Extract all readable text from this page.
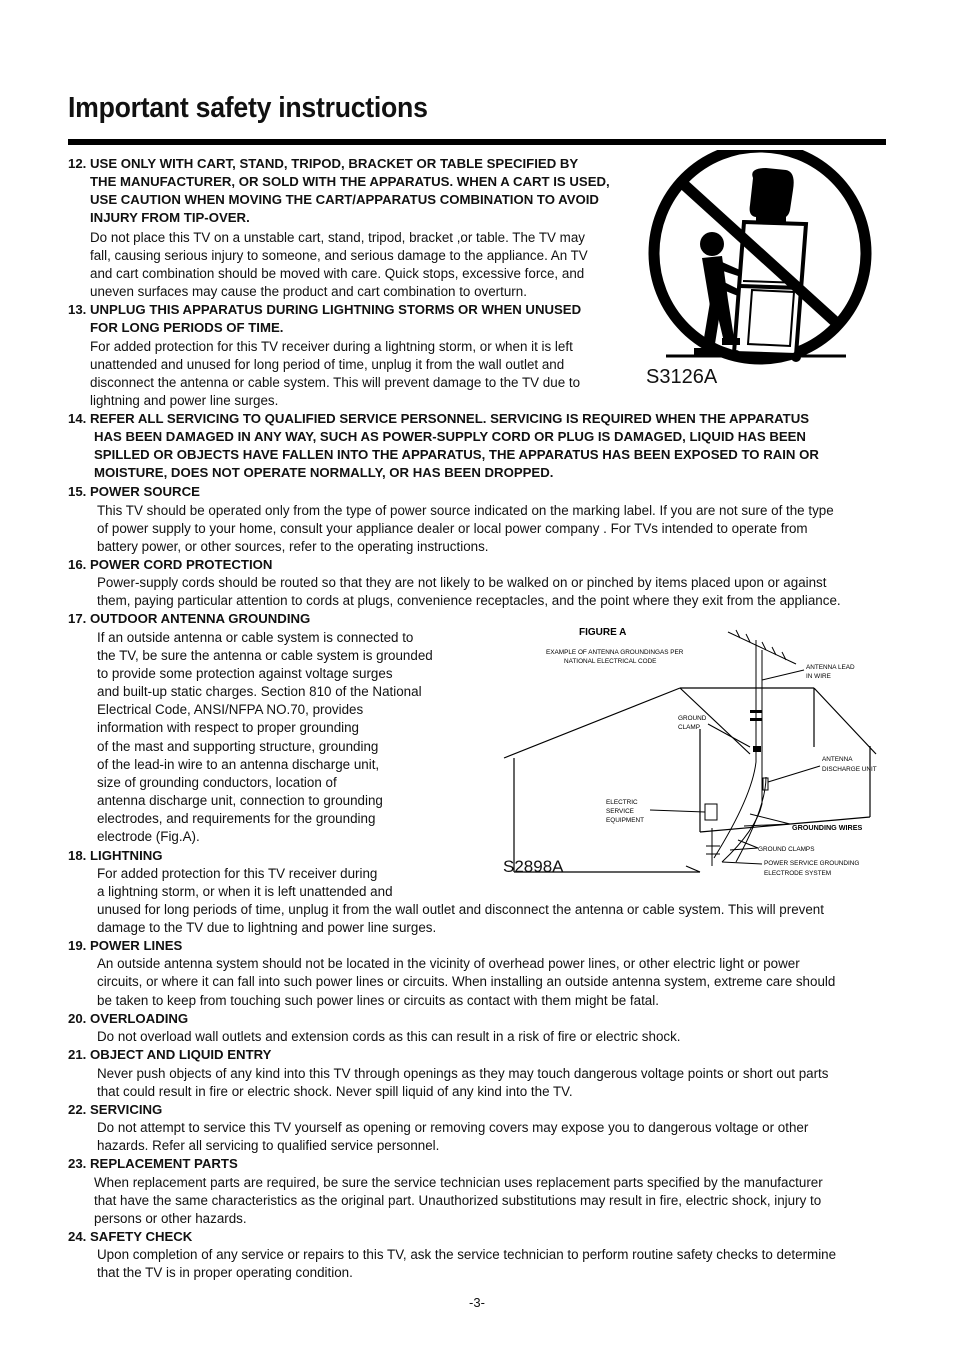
Important safety instructions
12. USE ONLY WITH CART, STAND, TRIPOD, BRACKET OR TABLE SPECIFIED BY
THE MANUFACTURER, OR SOLD WITH THE APPARATUS. WHEN A CART IS USED,
USE CAUTION WHEN MOVING THE CART/APPARATUS COMBINATION TO AVOID
INJURY FROM TIP-OVER.
Do not place this TV on a unstable cart, stand, tripod, bracket ,or table. The TV may
fall, causing serious injury to someone, and serious damage to the appliance. An TV
and cart combination should be moved with care. Quick stops, excessive force, and
uneven surfaces may cause the product and cart combination to overturn.
13. UNPLUG THIS APPARATUS DURING LIGHTNING STORMS OR WHEN UNUSED
FOR LONG PERIODS OF TIME.
For added protection for this TV receiver during a lightning storm, or when it is left
unattended and unused for long period of time, unplug it from the wall outlet and
disconnect the antenna or cable system. This will prevent damage to the TV due to
lightning and power line surges.
S3126A
14. REFER ALL SERVICING TO QUALIFIED SERVICE PERSONNEL. SERVICING IS REQUIRED WHEN THE APPARATUS
HAS BEEN DAMAGED IN ANY WAY, SUCH AS POWER-SUPPLY CORD OR PLUG IS DAMAGED, LIQUID HAS BEEN
SPILLED OR OBJECTS HAVE FALLEN INTO THE APPARATUS, THE APPARATUS HAS BEEN EXPOSED TO RAIN OR
MOISTURE, DOES NOT OPERATE NORMALLY, OR HAS BEEN DROPPED.
15. POWER SOURCE
This TV should be operated only from the type of power source indicated on the marking label. If you are not sure of the type
of power supply to your home, consult your appliance dealer or local power company . For TVs intended to operate from
battery power, or other sources, refer to the operating instructions.
16. POWER CORD PROTECTION
Power-supply cords should be routed so that they are not likely to be walked on or pinched by items placed upon or against
them, paying particular attention to cords at plugs, convenience receptacles, and the point where they exit from the appliance.
17. OUTDOOR ANTENNA GROUNDING
If an outside antenna or cable system is connected to
the TV, be sure the antenna or cable system is grounded
to provide some protection against voltage surges
and built-up static charges. Section 810 of the National
Electrical Code, ANSI/NFPA NO.70, provides
information with respect to proper grounding
of the mast and supporting structure, grounding
of the lead-in wire to an antenna discharge unit,
size of grounding conductors, location of
antenna discharge unit, connection to grounding
electrodes, and requirements for the grounding
electrode (Fig.A).
FIGURE A
EXAMPLE OF ANTENNA GROUNDINGAS PER
NATIONAL ELECTRICAL CODE
ANTENNA LEAD
IN WIRE
GROUND
CLAMP
ANTENNA
DISCHARGE UNIT
ELECTRIC
SERVICE
EQUIPMENT
GROUNDING WIRES
GROUND CLAMPS
POWER SERVICE GROUNDING
ELECTRODE SYSTEM
S2898A
18. LIGHTNING
For added protection for this TV receiver during
a lightning storm, or when it is left unattended and
unused for long periods of time, unplug it from the wall outlet and disconnect the antenna or cable system. This will prevent
damage to the TV due to lightning and power line surges.
19. POWER LINES
An outside antenna system should not be located in the vicinity of overhead power lines, or other electric light or power
circuits, or where it can fall into such power lines or circuits. When installing an outside antenna system, extreme care should
be taken to keep from touching such power lines or circuits as contact with them might be fatal.
20. OVERLOADING
Do not overload wall outlets and extension cords as this can result in a risk of fire or electric shock.
21. OBJECT AND LIQUID ENTRY
Never push objects of any kind into this TV through openings as they may touch dangerous voltage points or short out parts
that could result in fire or electric shock. Never spill liquid of any kind into the TV.
22. SERVICING
Do not attempt to service this TV yourself as opening or removing covers may expose you to dangerous voltage or other
hazards. Refer all servicing to qualified service personnel.
23. REPLACEMENT PARTS
When replacement parts are required, be sure the service technician uses replacement parts specified by the manufacturer
that have the same characteristics as the original part. Unauthorized substitutions may result in fire, electric shock, injury to
persons or other hazards.
24. SAFETY CHECK
Upon completion of any service or repairs to this TV, ask the service technician to perform routine safety checks to determine
that the TV is in proper operating condition.
-3-
